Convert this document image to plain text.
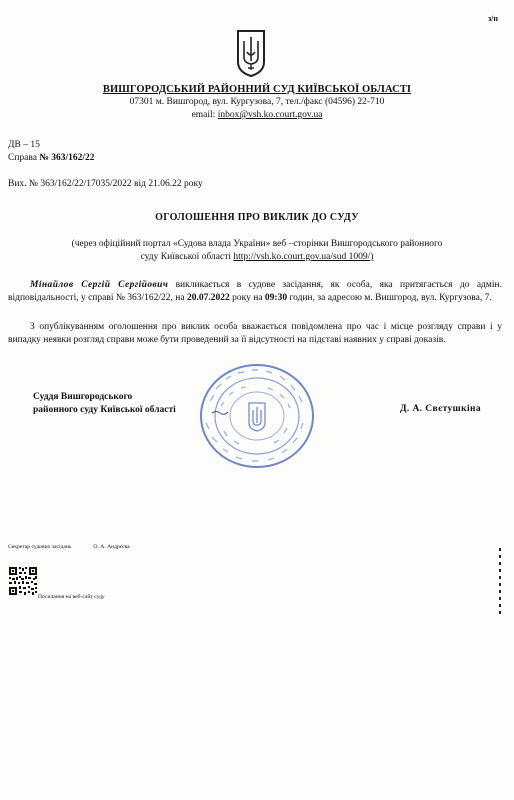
з/п
ВИШГОРОДСЬКИЙ РАЙОННИЙ СУД КИЇВСЬКОЇ ОБЛАСТІ
07301 м. Вишгород, вул. Кургузова, 7, тел./факс (04596) 22-710
email: inbox@vsh.ko.court.gov.ua
ДВ – 15
Справа № 363/162/22
Вих. № 363/162/22/17035/2022 від 21.06.22 року
ОГОЛОШЕННЯ ПРО ВИКЛИК ДО СУДУ
(через офіційний портал «Судова влада України» веб –сторінки Вишгородського районного
суду Київської області http://vsh.ko.court.gov.ua/sud 1009/)
Мінайлов Сергій Сергійович викликається в судове засідання, як особа, яка притягається до адмін. відповідальності, у справі № 363/162/22, на 20.07.2022 року на 09:30 годин, за адресою м. Вишгород, вул. Кургузова, 7.
З опублікуванням оголошення про виклик особа вважається повідомлена про час і місце розгляду справи і у випадку неявки розгляд справи може бути проведений за її відсутності на підставі наявних у справі доказів.
Суддя Вишгородського
районного суду Київської області	Д. А. Свєтушкіна
Секретар судових засідань	О. А. Андрєєва
Посилання на веб-сайт суду
